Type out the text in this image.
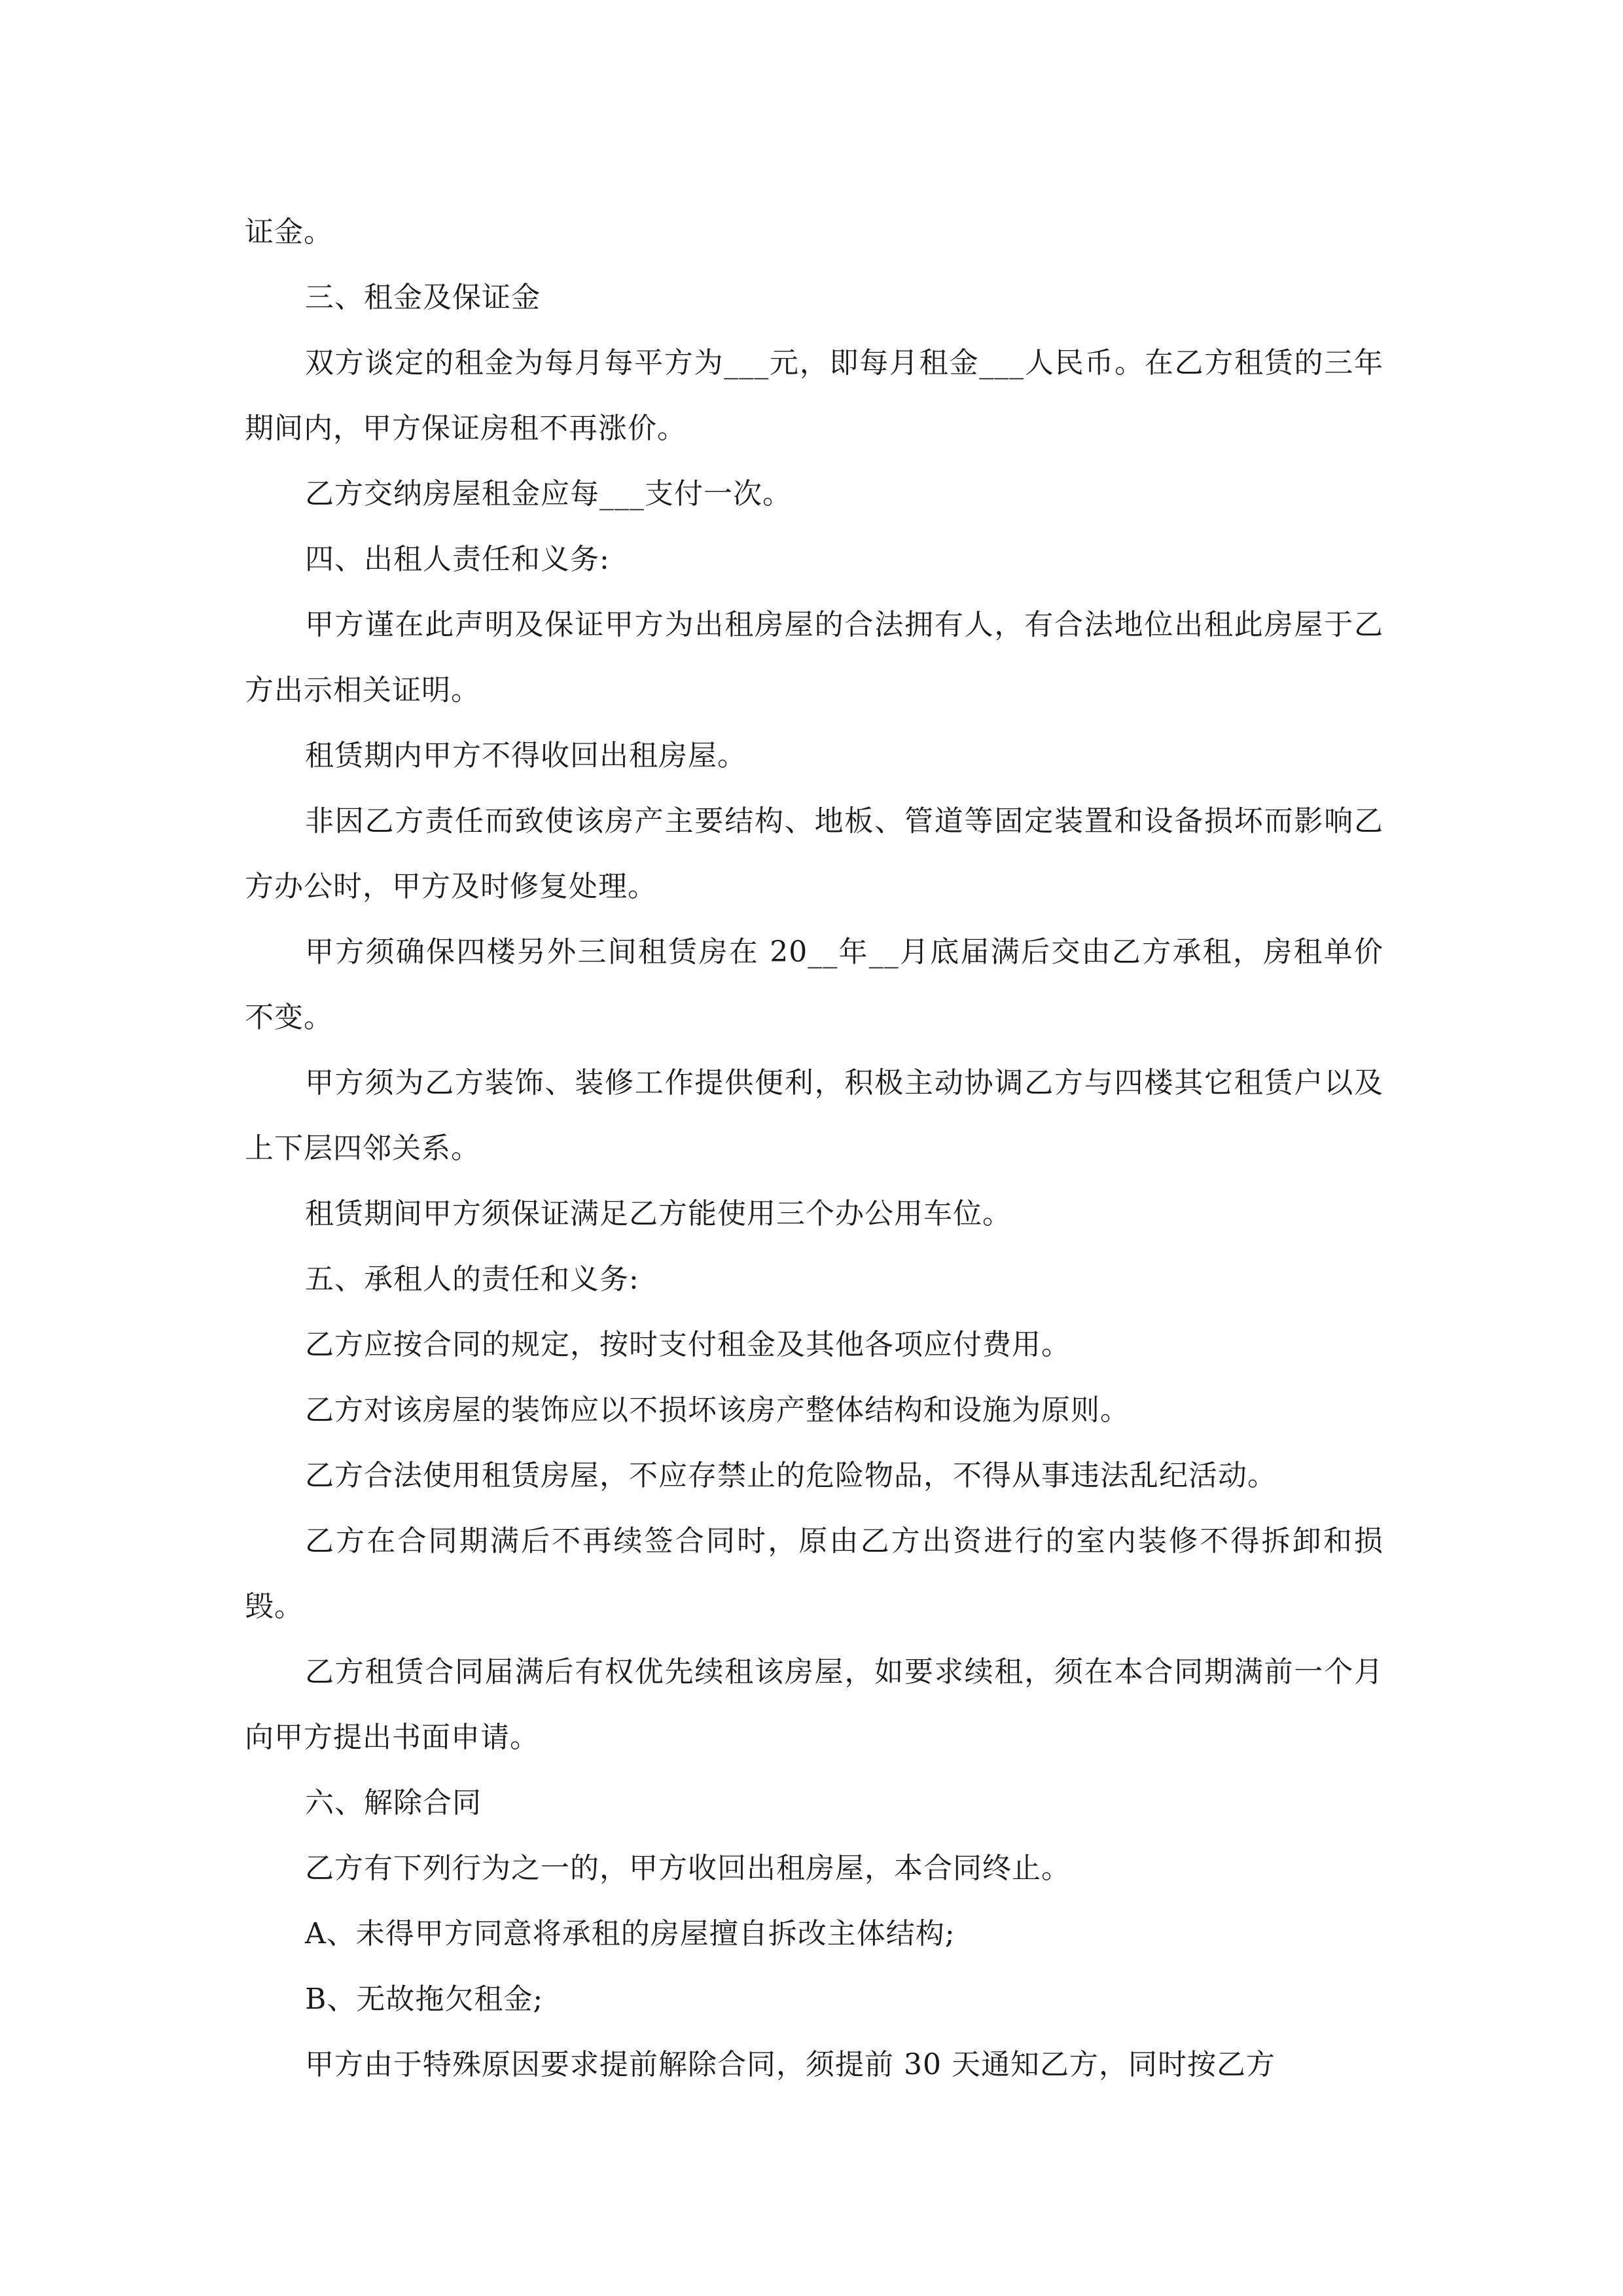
证金。

三、租金及保证金

双方谈定的租金为每月每平方为___元，即每月租金___人民币。在乙方租赁的三年期间内，甲方保证房租不再涨价。

乙方交纳房屋租金应每___支付一次。

四、出租人责任和义务:

甲方谨在此声明及保证甲方为出租房屋的合法拥有人，有合法地位出租此房屋于乙方出示相关证明。

租赁期内甲方不得收回出租房屋。

非因乙方责任而致使该房产主要结构、地板、管道等固定装置和设备损坏而影响乙方办公时，甲方及时修复处理。

甲方须确保四楼另外三间租赁房在 20__年__月底届满后交由乙方承租，房租单价不变。

甲方须为乙方装饰、装修工作提供便利，积极主动协调乙方与四楼其它租赁户以及上下层四邻关系。

租赁期间甲方须保证满足乙方能使用三个办公用车位。

五、承租人的责任和义务:

乙方应按合同的规定，按时支付租金及其他各项应付费用。

乙方对该房屋的装饰应以不损坏该房产整体结构和设施为原则。

乙方合法使用租赁房屋，不应存禁止的危险物品，不得从事违法乱纪活动。

乙方在合同期满后不再续签合同时，原由乙方出资进行的室内装修不得拆卸和损毁。

乙方租赁合同届满后有权优先续租该房屋，如要求续租，须在本合同期满前一个月向甲方提出书面申请。

六、解除合同

乙方有下列行为之一的，甲方收回出租房屋，本合同终止。

A、未得甲方同意将承租的房屋擅自拆改主体结构;

B、无故拖欠租金;

甲方由于特殊原因要求提前解除合同，须提前 30 天通知乙方，同时按乙方
